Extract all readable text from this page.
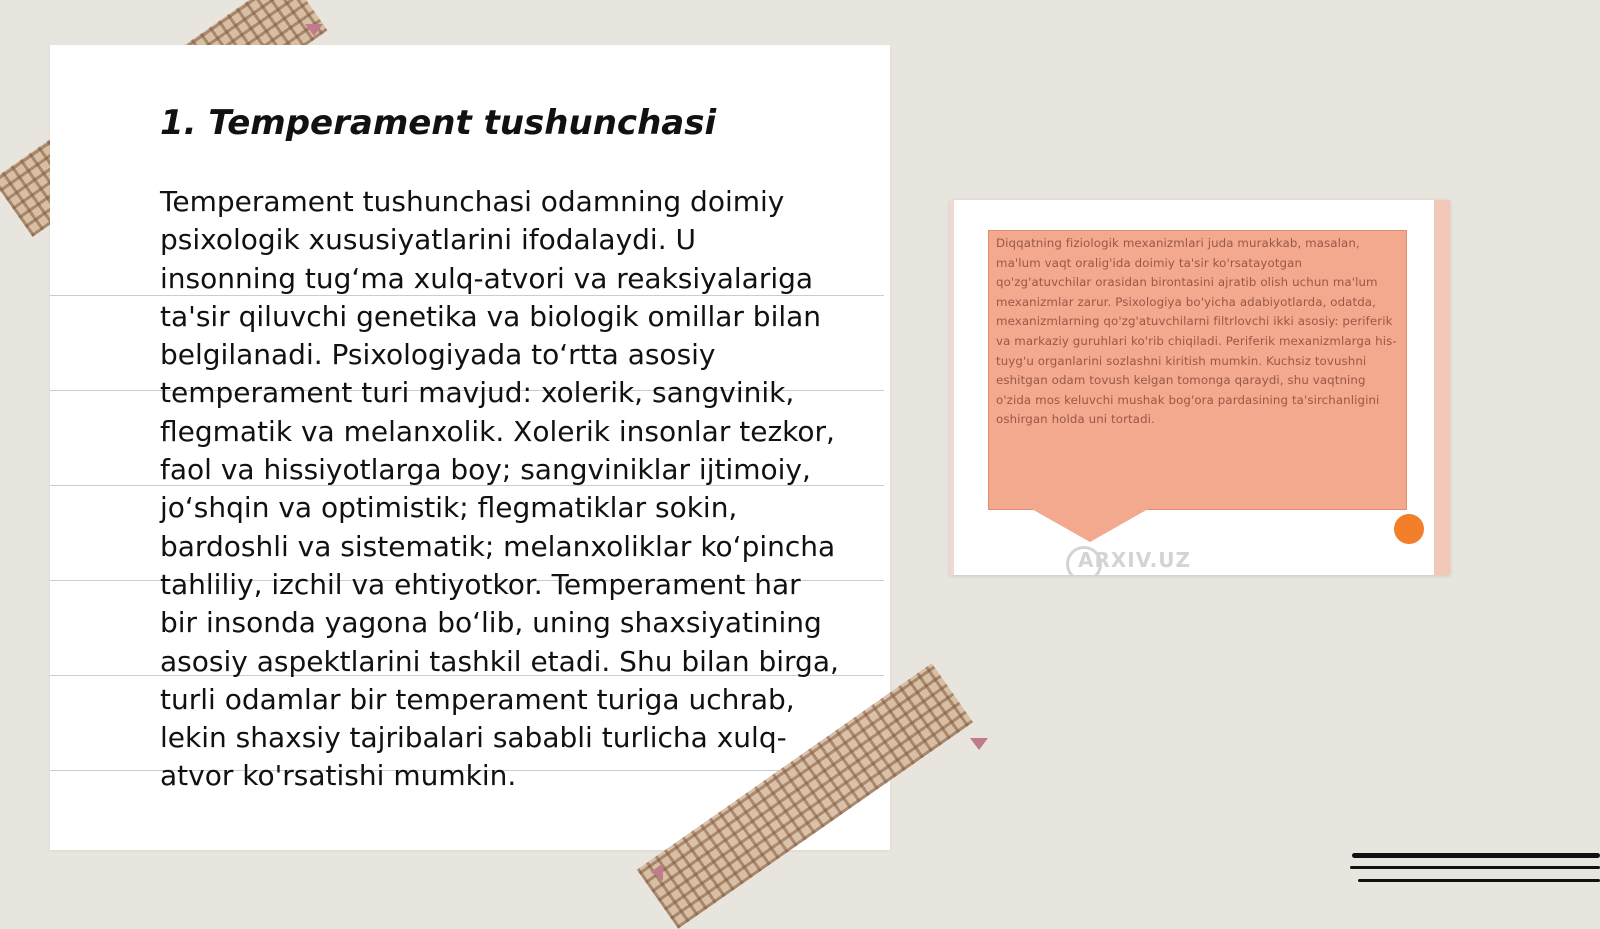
1. Temperament tushunchasi

Temperament tushunchasi odamning doimiy psixologik xususiyatlarini ifodalaydi. U insonning tug‘ma xulq-atvori va reaksiyalariga ta'sir qiluvchi genetika va biologik omillar bilan belgilanadi. Psixologiyada to‘rtta asosiy temperament turi mavjud: xolerik, sangvinik, flegmatik va melanxolik. Xolerik insonlar tezkor, faol va hissiyotlarga boy; sangviniklar ijtimoiy, jo‘shqin va optimistik; flegmatiklar sokin, bardoshli va sistematik; melanxoliklar ko‘pincha tahliliy, izchil va ehtiyotkor. Temperament har bir insonda yagona bo‘lib, uning shaxsiyatining asosiy aspektlarini tashkil etadi. Shu bilan birga, turli odamlar bir temperament turiga uchrab, lekin shaxsiy tajribalari sababli turlicha xulq-atvor ko'rsatishi mumkin.

Diqqatning fiziologik mexanizmlari juda murakkab, masalan, ma'lum vaqt oralig'ida doimiy ta'sir ko'rsatayotgan qo'zg'atuvchilar orasidan birontasini ajratib olish uchun ma'lum mexanizmlar zarur. Psixologiya bo'yicha adabiyotlarda, odatda, mexanizmlarning qo'zg'atuvchilarni filtrlovchi ikki asosiy: periferik va markaziy guruhlari ko'rib chiqiladi. Periferik mexanizmlarga his-tuyg'u organlarini sozlashni kiritish mumkin. Kuchsiz tovushni eshitgan odam tovush kelgan tomonga qaraydi, shu vaqtning o'zida mos keluvchi mushak bog'ora pardasining ta'sirchanligini oshirgan holda uni tortadi.

ARXIV.UZ
